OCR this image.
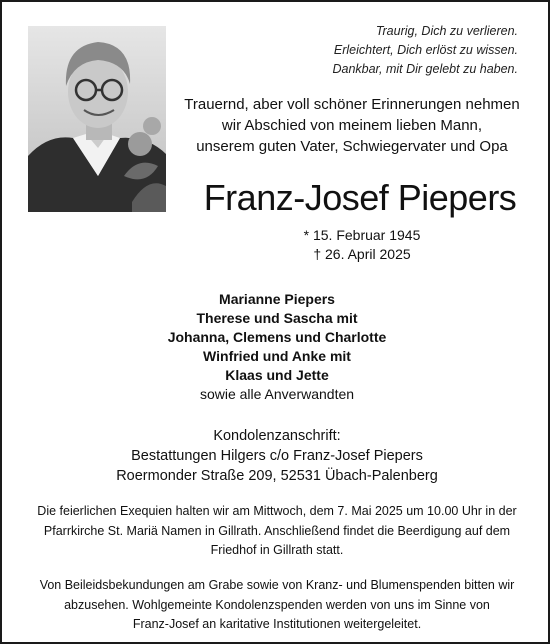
Traurig, Dich zu verlieren.
Erleichtert, Dich erlöst zu wissen.
Dankbar, mit Dir gelebt zu haben.
Trauernd, aber voll schöner Erinnerungen nehmen
wir Abschied von meinem lieben Mann,
unserem guten Vater, Schwiegervater und Opa
Franz-Josef Piepers
* 15. Februar 1945
† 26. April 2025
Marianne Piepers
Therese und Sascha mit
Johanna, Clemens und Charlotte
Winfried und Anke mit
Klaas und Jette
sowie alle Anverwandten
Kondolenzanschrift:
Bestattungen Hilgers c/o Franz-Josef Piepers
Roermonder Straße 209, 52531 Übach-Palenberg
Die feierlichen Exequien halten wir am Mittwoch, dem 7. Mai 2025 um 10.00 Uhr in der
Pfarrkirche St. Mariä Namen in Gillrath. Anschließend findet die Beerdigung auf dem
Friedhof in Gillrath statt.
Von Beileidsbekundungen am Grabe sowie von Kranz- und Blumenspenden bitten wir
abzusehen. Wohlgemeinte Kondolenzspenden werden von uns im Sinne von
Franz-Josef an karitative Institutionen weitergeleitet.
